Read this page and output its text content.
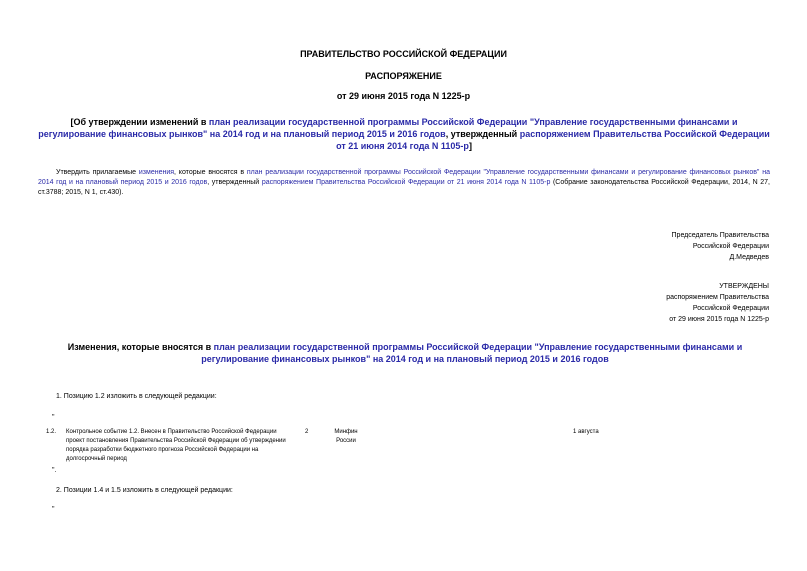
ПРАВИТЕЛЬСТВО РОССИЙСКОЙ ФЕДЕРАЦИИ
РАСПОРЯЖЕНИЕ
от 29 июня 2015 года N 1225-р
[Об утверждении изменений в план реализации государственной программы Российской Федерации "Управление государственными финансами и регулирование финансовых рынков" на 2014 год и на плановый период 2015 и 2016 годов, утвержденный распоряжением Правительства Российской Федерации от 21 июня 2014 года N 1105-р]
Утвердить прилагаемые изменения, которые вносятся в план реализации государственной программы Российской Федерации "Управление государственными финансами и регулирование финансовых рынков" на 2014 год и на плановый период 2015 и 2016 годов, утвержденный распоряжением Правительства Российской Федерации от 21 июня 2014 года N 1105-р (Собрание законодательства Российской Федерации, 2014, N 27, ст.3788; 2015, N 1, ст.430).
Председатель Правительства
Российской Федерации
Д.Медведев
УТВЕРЖДЕНЫ
распоряжением Правительства
Российской Федерации
от 29 июня 2015 года N 1225-р
Изменения, которые вносятся в план реализации государственной программы Российской Федерации "Управление государственными финансами и регулирование финансовых рынков" на 2014 год и на плановый период 2015 и 2016 годов
1. Позицию 1.2 изложить в следующей редакции:
"
1.2. Контрольное событие 1.2. Внесен в Правительство Российской Федерации проект постановления Правительства Российской Федерации об утверждении порядка разработки бюджетного прогноза Российской Федерации на долгосрочный период
2	Минфин России
1 августа
".
2. Позиции 1.4 и 1.5 изложить в следующей редакции:
"
